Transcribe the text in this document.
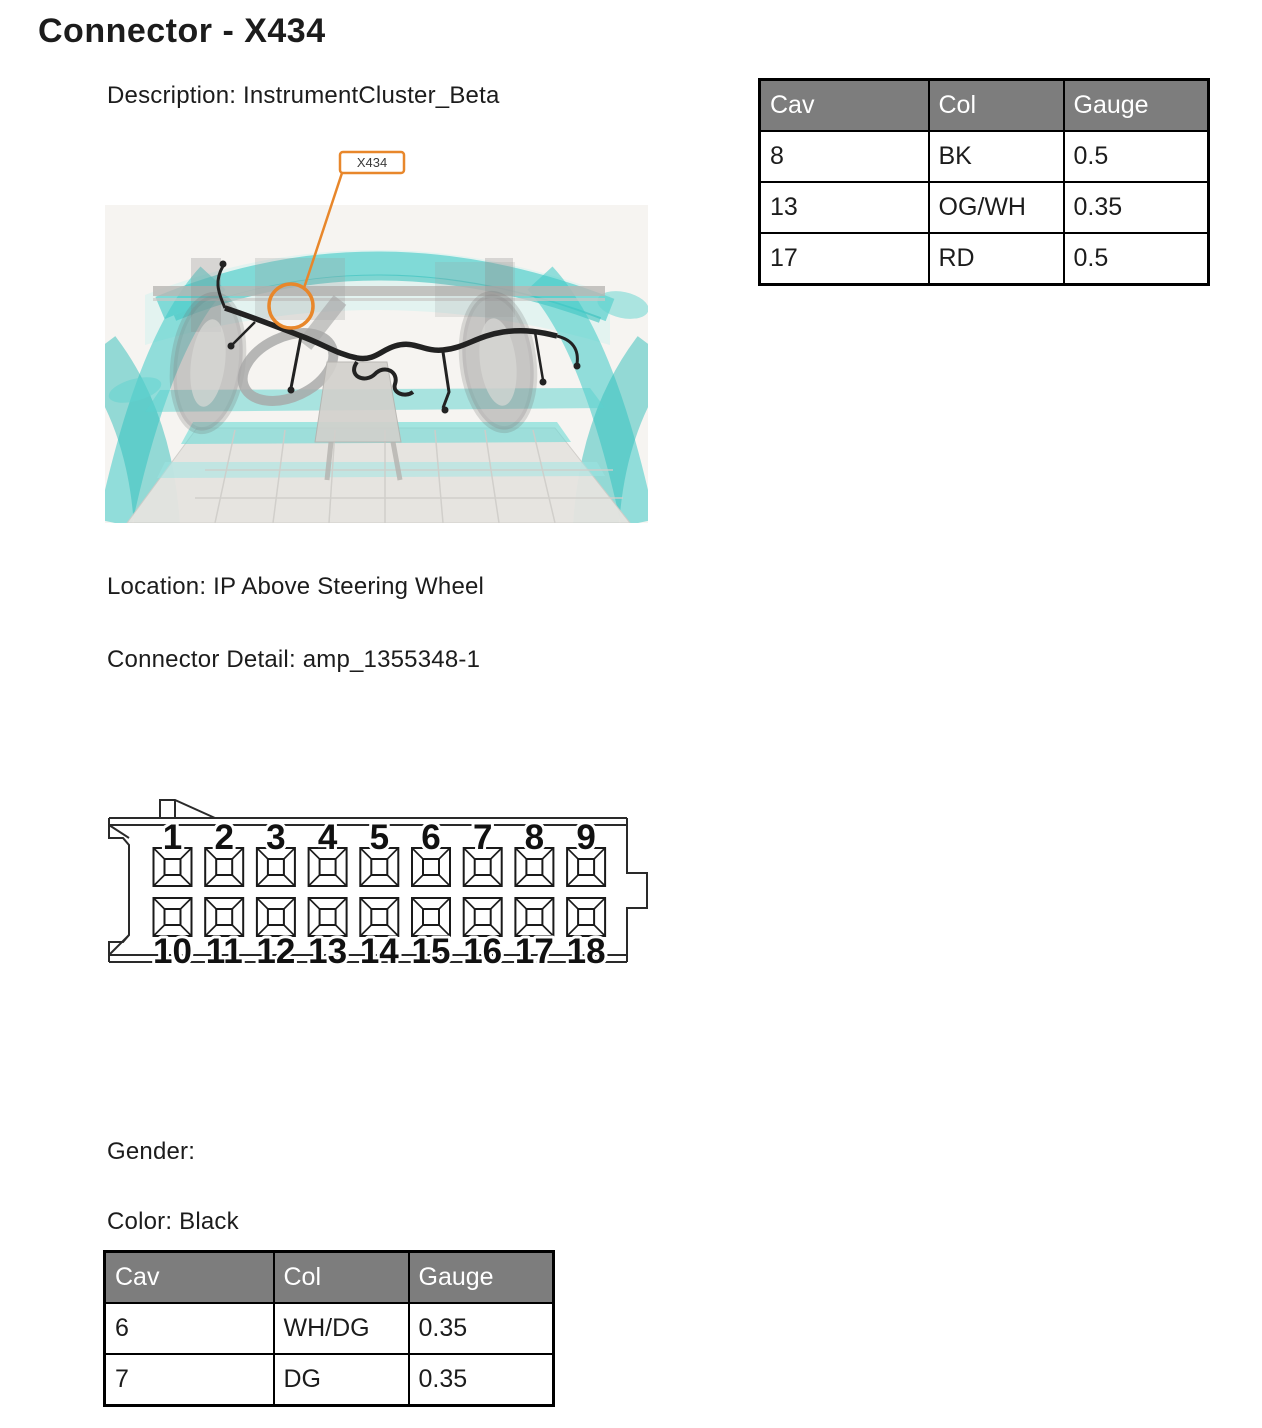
Connector - X434
Description: InstrumentCluster_Beta	Cav	Col	Gauge
8	BK	0.5
13	OG/WH	0.35
17	RD	0.5
X434
Location: IP Above Steering Wheel
Connector Detail: amp_1355348-1
1 2 3 4 5 6 7 8 9
10 11 12 13 14 15 16 17 18
Gender:
Color: Black
Cav	Col	Gauge
6	WH/DG	0.35
7	DG	0.35
